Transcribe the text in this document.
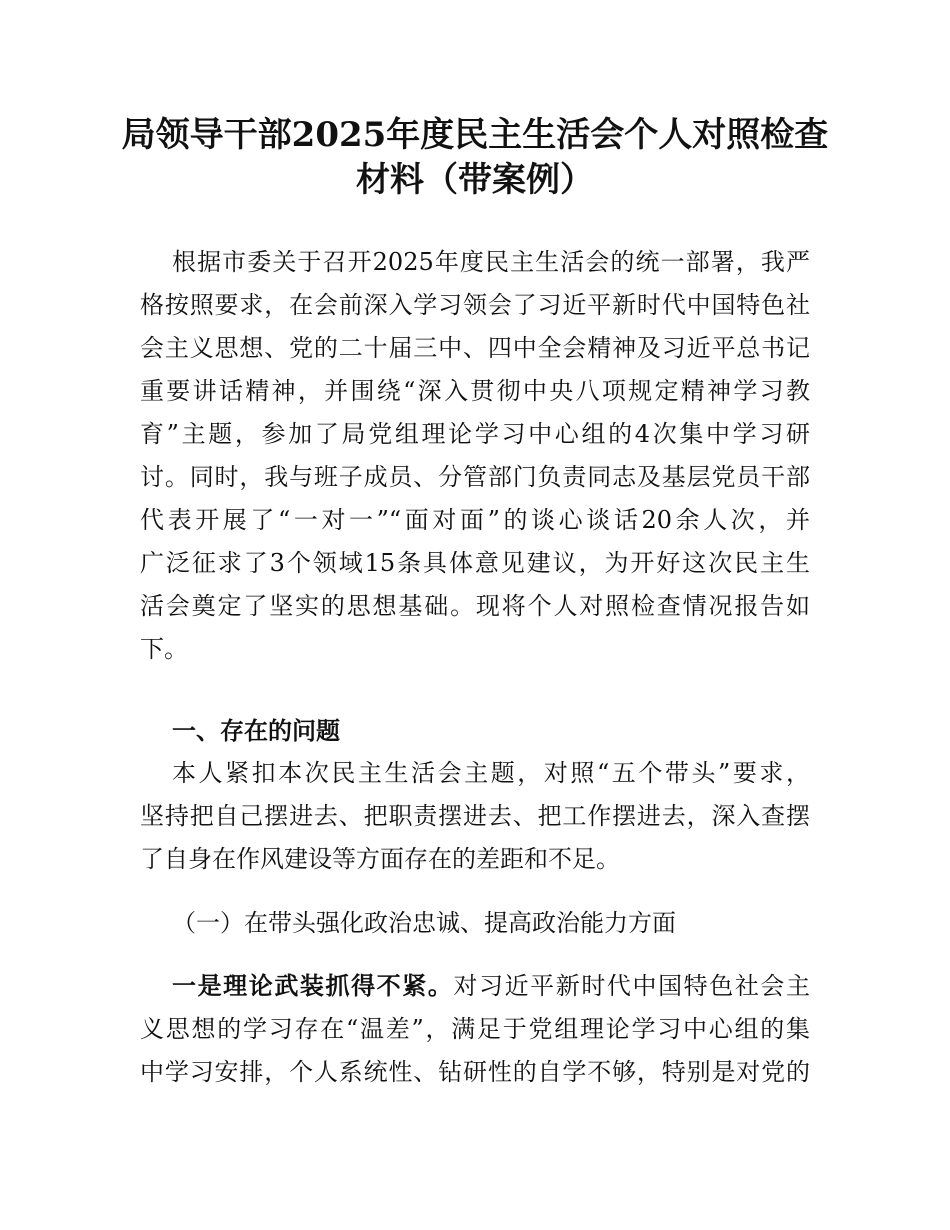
局领导干部2025年度民主生活会个人对照检查
材料（带案例）
根据市委关于召开2025年度民主生活会的统一部署，我严
格按照要求，在会前深入学习领会了习近平新时代中国特色社
会主义思想、党的二十届三中、四中全会精神及习近平总书记
重要讲话精神，并围绕“深入贯彻中央八项规定精神学习教
育”主题，参加了局党组理论学习中心组的4次集中学习研
讨。同时，我与班子成员、分管部门负责同志及基层党员干部
代表开展了“一对一”“面对面”的谈心谈话20余人次，并
广泛征求了3个领域15条具体意见建议，为开好这次民主生
活会奠定了坚实的思想基础。现将个人对照检查情况报告如
下。
一、存在的问题
本人紧扣本次民主生活会主题，对照“五个带头”要求，
坚持把自己摆进去、把职责摆进去、把工作摆进去，深入查摆
了自身在作风建设等方面存在的差距和不足。
（一）在带头强化政治忠诚、提高政治能力方面
一是理论武装抓得不紧。对习近平新时代中国特色社会主
义思想的学习存在“温差”，满足于党组理论学习中心组的集
中学习安排，个人系统性、钻研性的自学不够，特别是对党的
